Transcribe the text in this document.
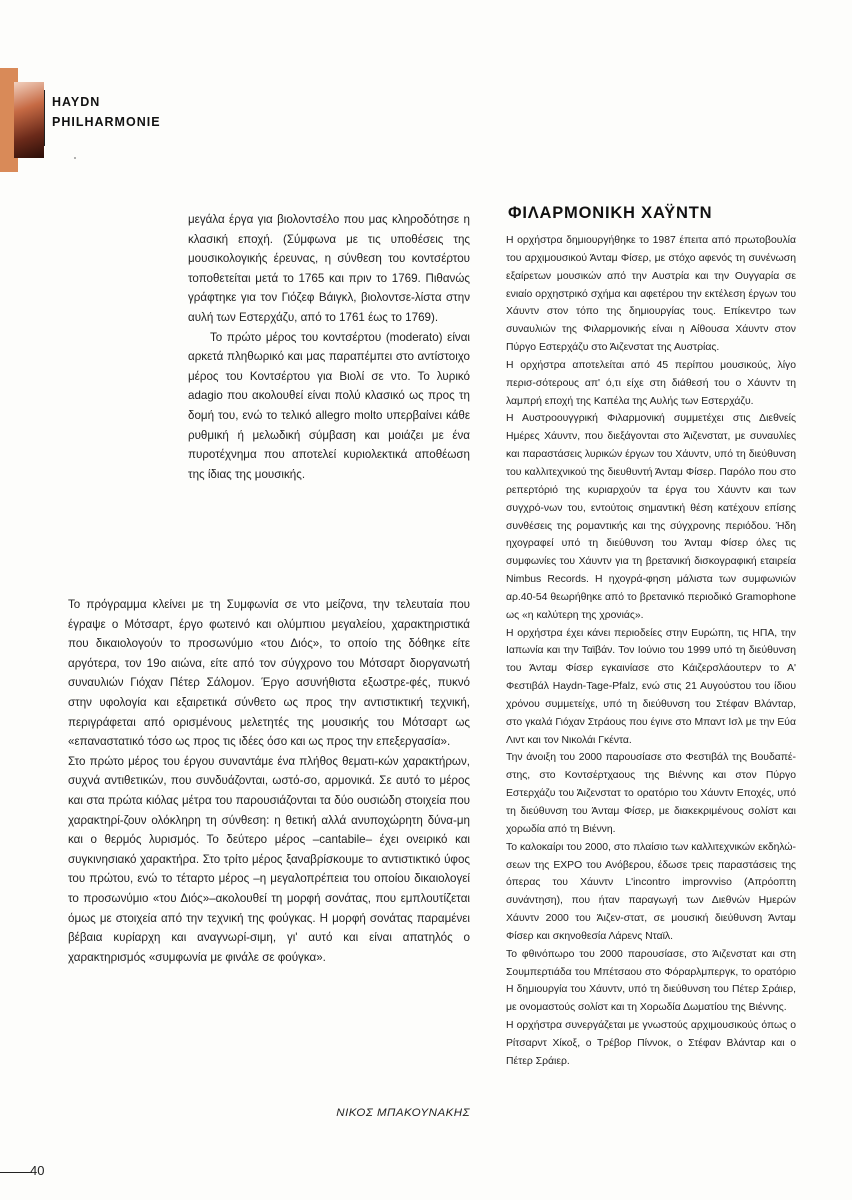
HAYDN
PHILHARMONIE

μεγάλα έργα για βιολοντσέλο που μας κληροδότησε η κλασική εποχή. (Σύμφωνα με τις υποθέσεις της μουσικολογικής έρευνας, η σύνθεση του κοντσέρτου τοποθετείται μετά το 1765 και πριν το 1769. Πιθανώς γράφτηκε για τον Γιόζεφ Βάιγκλ, βιολοντσε-λίστα στην αυλή των Εστερχάζυ, από το 1761 έως το 1769).

Το πρώτο μέρος του κοντσέρτου (moderato) είναι αρκετά πληθωρικό και μας παραπέμπει στο αντίστοιχο μέρος του Κοντσέρτου για Βιολί σε ντο. Το λυρικό adagio που ακολουθεί είναι πολύ κλασικό ως προς τη δομή του, ενώ το τελικό allegro molto υπερβαίνει κάθε ρυθμική ή μελωδική σύμβαση και μοιάζει με ένα πυροτέχνημα που αποτελεί κυριολεκτικά αποθέωση της ίδιας της μουσικής.

Το πρόγραμμα κλείνει με τη Συμφωνία σε ντο μείζονα, την τελευταία που έγραψε ο Μότσαρτ, έργο φωτεινό και ολύμπιου μεγαλείου, χαρακτηριστικά που δικαιολογούν το προσωνύμιο «του Διός», το οποίο της δόθηκε είτε αργότερα, τον 19ο αιώνα, είτε από τον σύγχρονο του Μότσαρτ διοργανωτή συναυλιών Γιόχαν Πέτερ Σάλομον. Έργο ασυνήθιστα εξωστρε-φές, πυκνό στην υφολογία και εξαιρετικά σύνθετο ως προς την αντιστικτική τεχνική, περιγράφεται από ορισμένους μελετητές της μουσικής του Μότσαρτ ως «επαναστατικό τόσο ως προς τις ιδέες όσο και ως προς την επεξεργασία».

Στο πρώτο μέρος του έργου συναντάμε ένα πλήθος θεματι-κών χαρακτήρων, συχνά αντιθετικών, που συνδυάζονται, ωστό-σο, αρμονικά. Σε αυτό το μέρος και στα πρώτα κιόλας μέτρα του παρουσιάζονται τα δύο ουσιώδη στοιχεία που χαρακτηρί-ζουν ολόκληρη τη σύνθεση: η θετική αλλά ανυποχώρητη δύνα-μη και ο θερμός λυρισμός. Το δεύτερο μέρος –cantabile– έχει ονειρικό και συγκινησιακό χαρακτήρα. Στο τρίτο μέρος ξαναβρίσκουμε το αντιστικτικό ύφος του πρώτου, ενώ το τέταρτο μέρος –η μεγαλοπρέπεια του οποίου δικαιολογεί το προσωνύμιο «του Διός»–ακολουθεί τη μορφή σονάτας, που εμπλουτίζεται όμως με στοιχεία από την τεχνική της φούγκας. Η μορφή σονάτας παραμένει βέβαια κυρίαρχη και αναγνωρί-σιμη, γι' αυτό και είναι απατηλός ο χαρακτηρισμός «συμφωνία με φινάλε σε φούγκα».

ΝΙΚΟΣ ΜΠΑΚΟΥΝΑΚΗΣ
ΦΙΛΑΡΜΟΝΙΚΗ ΧΑΫΝΤΝ

Η ορχήστρα δημιουργήθηκε το 1987 έπειτα από πρωτοβουλία του αρχιμουσικού Άνταμ Φίσερ, με στόχο αφενός τη συνένωση εξαίρετων μουσικών από την Αυστρία και την Ουγγαρία σε ενιαίο ορχηστρικό σχήμα και αφετέρου την εκτέλεση έργων του Χάυντν στον τόπο της δημιουργίας τους. Επίκεντρο των συναυλιών της Φιλαρμονικής είναι η Αίθουσα Χάυντν στον Πύργο Εστερχάζυ στο Άιζενστατ της Αυστρίας.

Η ορχήστρα αποτελείται από 45 περίπου μουσικούς, λίγο περισ-σότερους απ' ό,τι είχε στη διάθεσή του ο Χάυντν τη λαμπρή εποχή της Καπέλα της Αυλής των Εστερχάζυ.

Η Αυστροουγγρική Φιλαρμονική συμμετέχει στις Διεθνείς Ημέρες Χάυντν, που διεξάγονται στο Άιζενστατ, με συναυλίες και παραστάσεις λυρικών έργων του Χάυντν, υπό τη διεύθυνση του καλλιτεχνικού της διευθυντή Άνταμ Φίσερ. Παρόλο που στο ρεπερτόριό της κυριαρχούν τα έργα του Χάυντν και των συγχρό-νων του, εντούτοις σημαντική θέση κατέχουν επίσης συνθέσεις της ρομαντικής και της σύγχρονης περιόδου. Ήδη ηχογραφεί υπό τη διεύθυνση του Άνταμ Φίσερ όλες τις συμφωνίες του Χάυντν για τη βρετανική δισκογραφική εταιρεία Nimbus Records. Η ηχογρά-φηση μάλιστα των συμφωνιών αρ.40-54 θεωρήθηκε από το βρετανικό περιοδικό Gramophone ως «η καλύτερη της χρονιάς».

Η ορχήστρα έχει κάνει περιοδείες στην Ευρώπη, τις ΗΠΑ, την Ιαπωνία και την Ταϊβάν. Τον Ιούνιο του 1999 υπό τη διεύθυνση του Άνταμ Φίσερ εγκαινίασε στο Κάιζερσλάουτερν το Α' Φεστιβάλ Haydn-Tage-Pfalz, ενώ στις 21 Αυγούστου του ίδιου χρόνου συμμετείχε, υπό τη διεύθυνση του Στέφαν Βλάνταρ, στο γκαλά Γιόχαν Στράους που έγινε στο Μπαντ Ισλ με την Εύα Λιντ και τον Νικολάι Γκέντα.

Την άνοιξη του 2000 παρουσίασε στο Φεστιβάλ της Βουδαπέ-στης, στο Κοντσέρτχαους της Βιέννης και στον Πύργο Εστερχάζυ του Άιζενστατ το ορατόριο του Χάυντν Εποχές, υπό τη διεύθυνση του Άνταμ Φίσερ, με διακεκριμένους σολίστ και χορωδία από τη Βιέννη.

Το καλοκαίρι του 2000, στο πλαίσιο των καλλιτεχνικών εκδηλώ-σεων της EXPO του Ανόβερου, έδωσε τρεις παραστάσεις της όπερας του Χάυντν L'incontro improvviso (Απρόοπτη συνάντηση), που ήταν παραγωγή των Διεθνών Ημερών Χάυντν 2000 του Άιζεν-στατ, σε μουσική διεύθυνση Άνταμ Φίσερ και σκηνοθεσία Λάρενς Νταϊλ.

Το φθινόπωρο του 2000 παρουσίασε, στο Άιζενστατ και στη Σουμπερτιάδα του Μπέτσαου στο Φόραρλμπεργκ, το ορατόριο Η δημιουργία του Χάυντν, υπό τη διεύθυνση του Πέτερ Σράιερ, με ονομαστούς σολίστ και τη Χορωδία Δωματίου της Βιέννης.

Η ορχήστρα συνεργάζεται με γνωστούς αρχιμουσικούς όπως ο Ρίτσαρντ Χίκοξ, ο Τρέβορ Πίννοκ, ο Στέφαν Βλάνταρ και ο Πέτερ Σράιερ.

40
